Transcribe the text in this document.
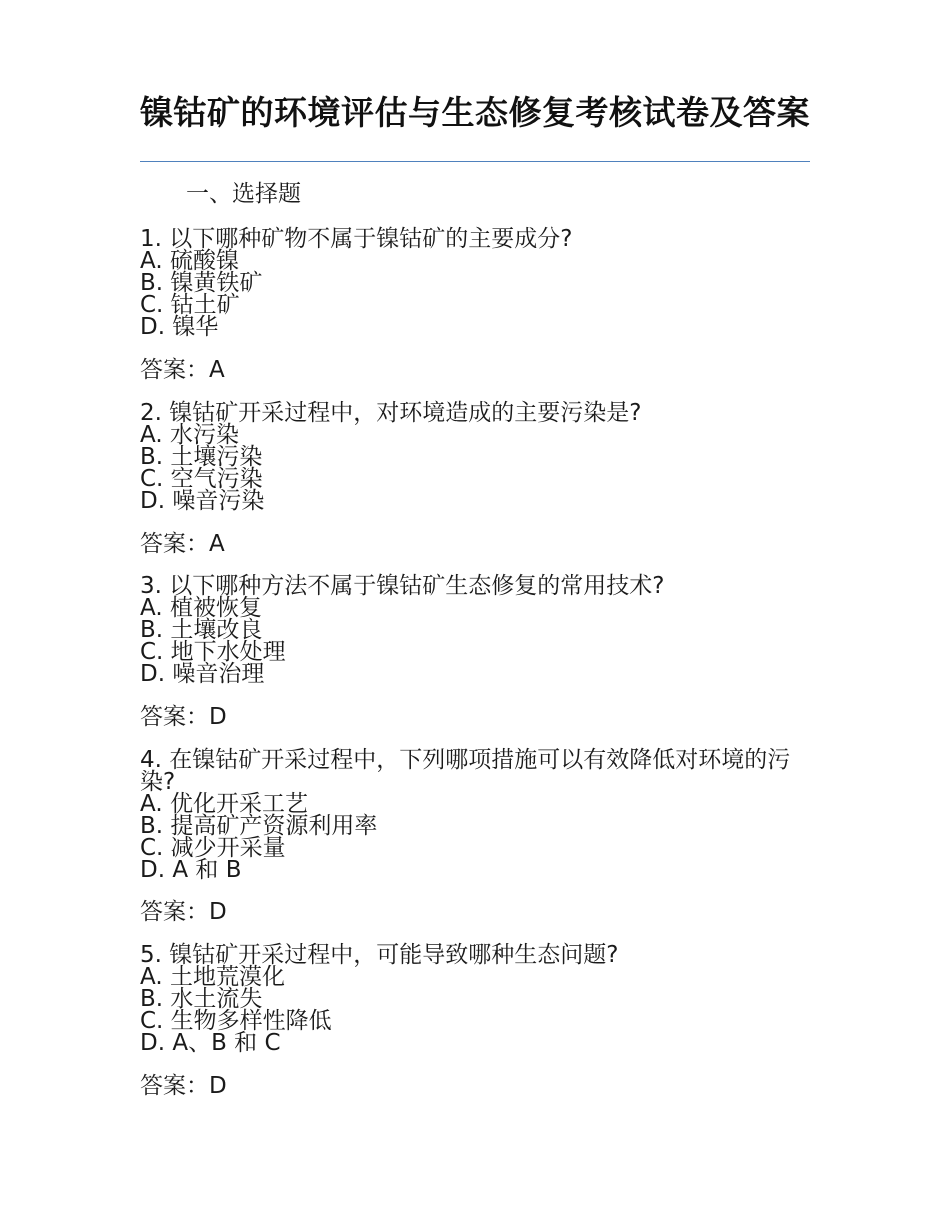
镍钴矿的环境评估与生态修复考核试卷及答案
一、选择题
1. 以下哪种矿物不属于镍钴矿的主要成分?
A. 硫酸镍
B. 镍黄铁矿
C. 钴土矿
D. 镍华
答案：A
2. 镍钴矿开采过程中，对环境造成的主要污染是?
A. 水污染
B. 土壤污染
C. 空气污染
D. 噪音污染
答案：A
3. 以下哪种方法不属于镍钴矿生态修复的常用技术?
A. 植被恢复
B. 土壤改良
C. 地下水处理
D. 噪音治理
答案：D
4. 在镍钴矿开采过程中，下列哪项措施可以有效降低对环境的污染?
A. 优化开采工艺
B. 提高矿产资源利用率
C. 减少开采量
D. A 和 B
答案：D
5. 镍钴矿开采过程中，可能导致哪种生态问题?
A. 土地荒漠化
B. 水土流失
C. 生物多样性降低
D. A、B 和 C
答案：D
